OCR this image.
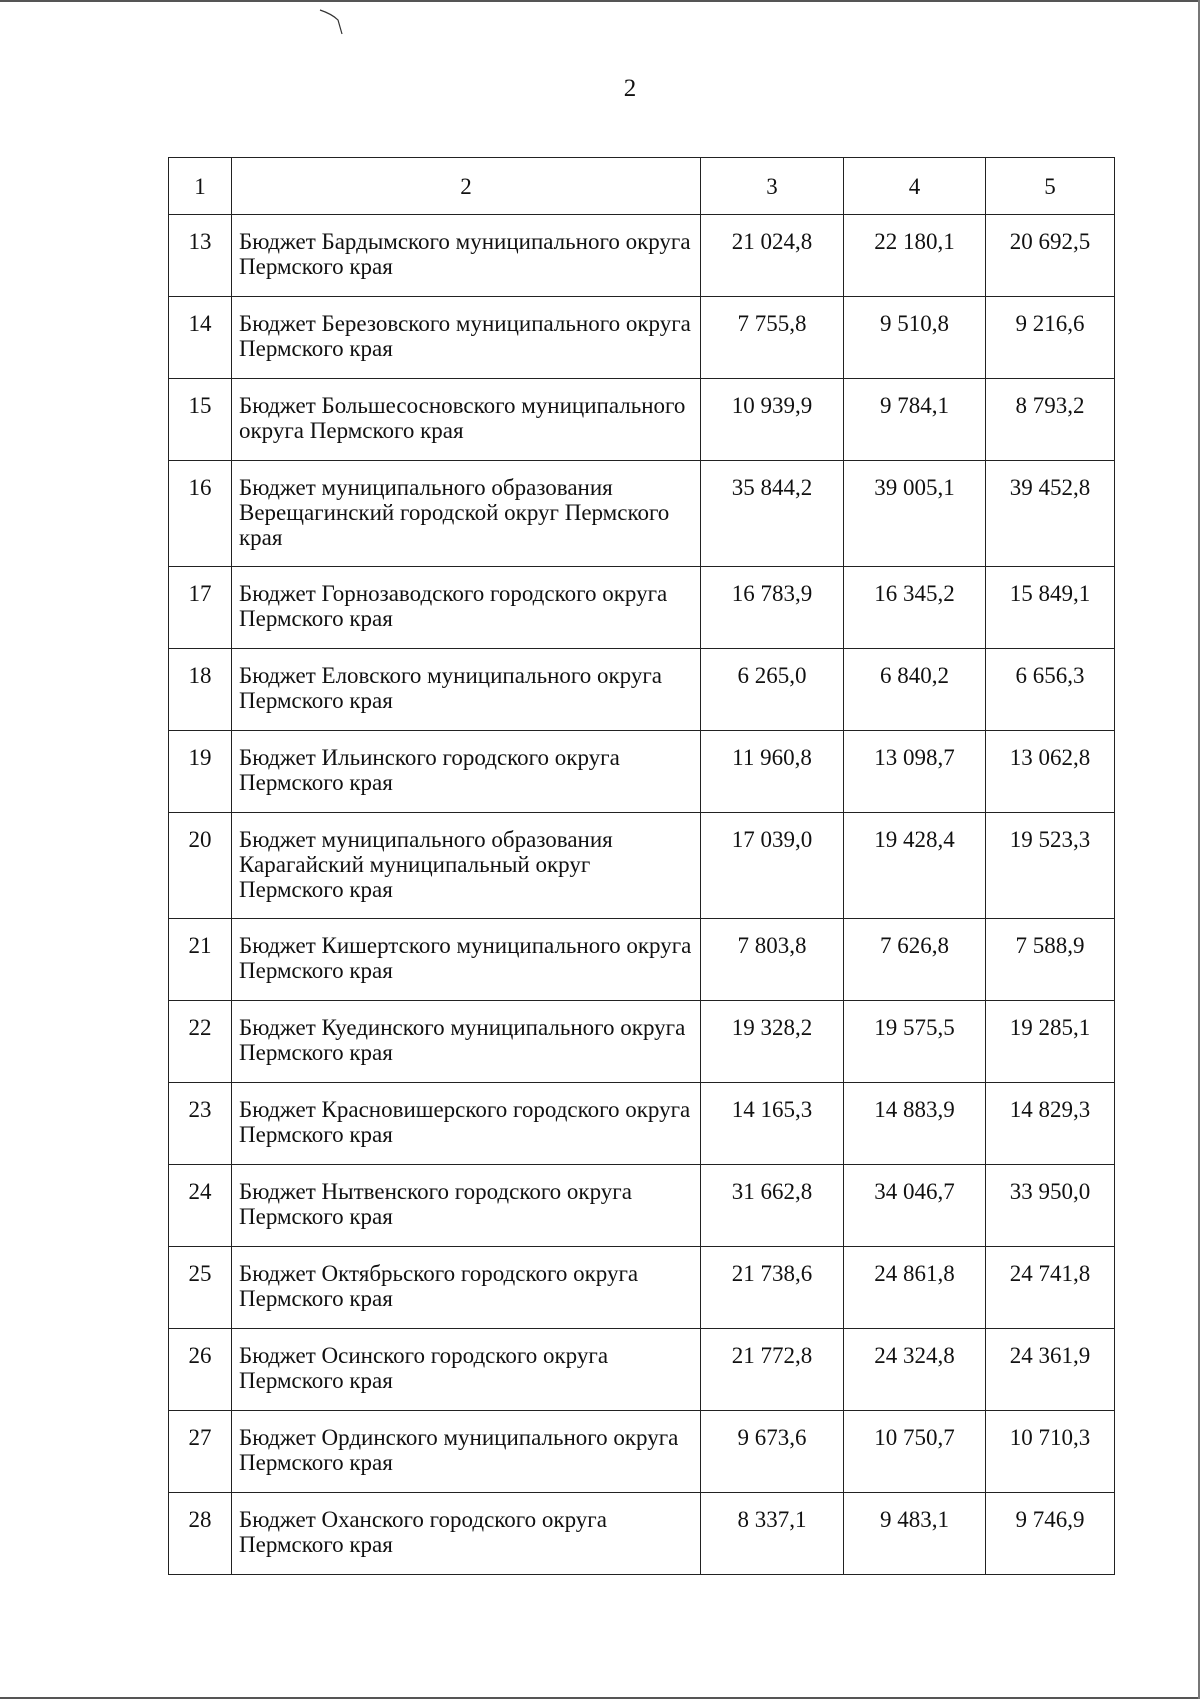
2
1	2	3	4	5
13	Бюджет Бардымского муниципального округа Пермского края	21 024,8	22 180,1	20 692,5
14	Бюджет Березовского муниципального округа Пермского края	7 755,8	9 510,8	9 216,6
15	Бюджет Большесосновского муниципального округа Пермского края	10 939,9	9 784,1	8 793,2
16	Бюджет муниципального образования Верещагинский городской округ Пермского края	35 844,2	39 005,1	39 452,8
17	Бюджет Горнозаводского городского округа Пермского края	16 783,9	16 345,2	15 849,1
18	Бюджет Еловского муниципального округа Пермского края	6 265,0	6 840,2	6 656,3
19	Бюджет Ильинского городского округа Пермского края	11 960,8	13 098,7	13 062,8
20	Бюджет муниципального образования Карагайский муниципальный округ Пермского края	17 039,0	19 428,4	19 523,3
21	Бюджет Кишертского муниципального округа Пермского края	7 803,8	7 626,8	7 588,9
22	Бюджет Куединского муниципального округа Пермского края	19 328,2	19 575,5	19 285,1
23	Бюджет Красновишерского городского округа Пермского края	14 165,3	14 883,9	14 829,3
24	Бюджет Нытвенского городского округа Пермского края	31 662,8	34 046,7	33 950,0
25	Бюджет Октябрьского городского округа Пермского края	21 738,6	24 861,8	24 741,8
26	Бюджет Осинского городского округа Пермского края	21 772,8	24 324,8	24 361,9
27	Бюджет Ординского муниципального округа Пермского края	9 673,6	10 750,7	10 710,3
28	Бюджет Оханского городского округа Пермского края	8 337,1	9 483,1	9 746,9
